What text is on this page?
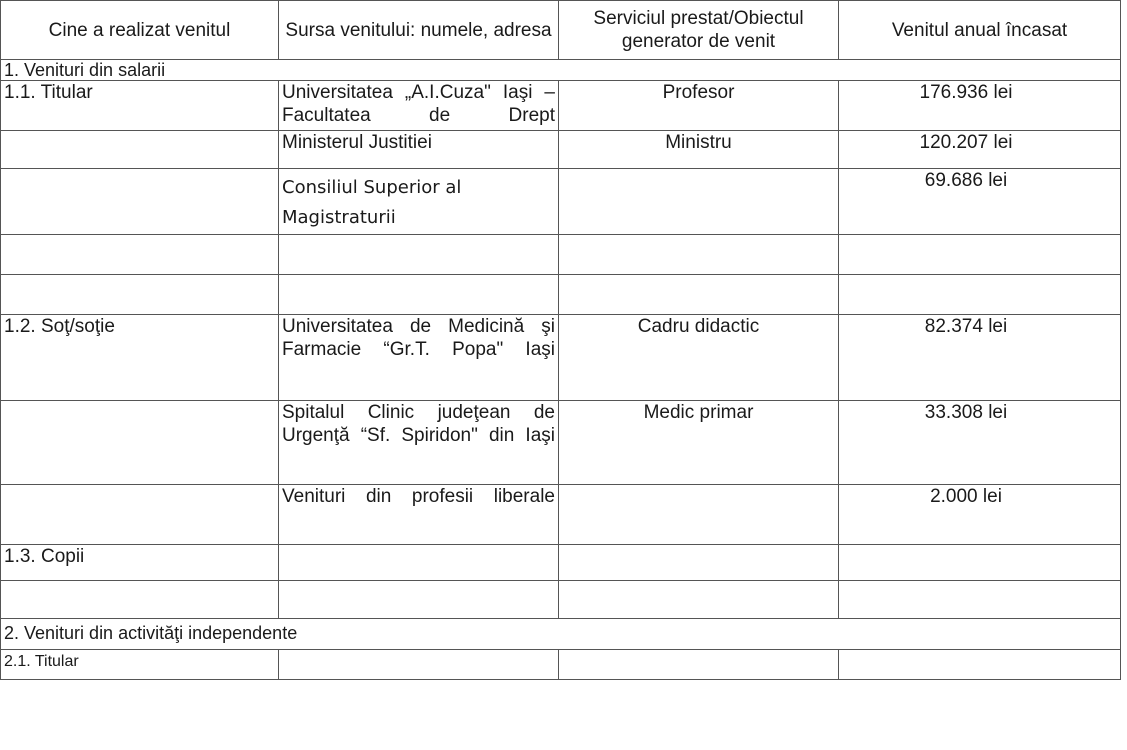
Cine a realizat venitul	Sursa venitului: numele, adresa	Serviciul prestat/Obiectul generator de venit	Venitul anual încasat
1. Venituri din salarii			
1.1. Titular	Universitatea „A.I.Cuza" Iaşi – Facultatea de Drept	Profesor	176.936 lei
	Ministerul Justitiei	Ministru	120.207 lei
	Consiliul Superior al Magistraturii		69.686 lei

1.2. Soţ/soţie	Universitatea de Medicină şi Farmacie “Gr.T. Popa" Iaşi	Cadru didactic	82.374 lei
	Spitalul Clinic judeţean de Urgenţă “Sf. Spiridon" din Iaşi	Medic primar	33.308 lei
	Venituri din profesii liberale		2.000 lei
1.3. Copii			

2. Venituri din activităţi independente			
2.1. Titular			
